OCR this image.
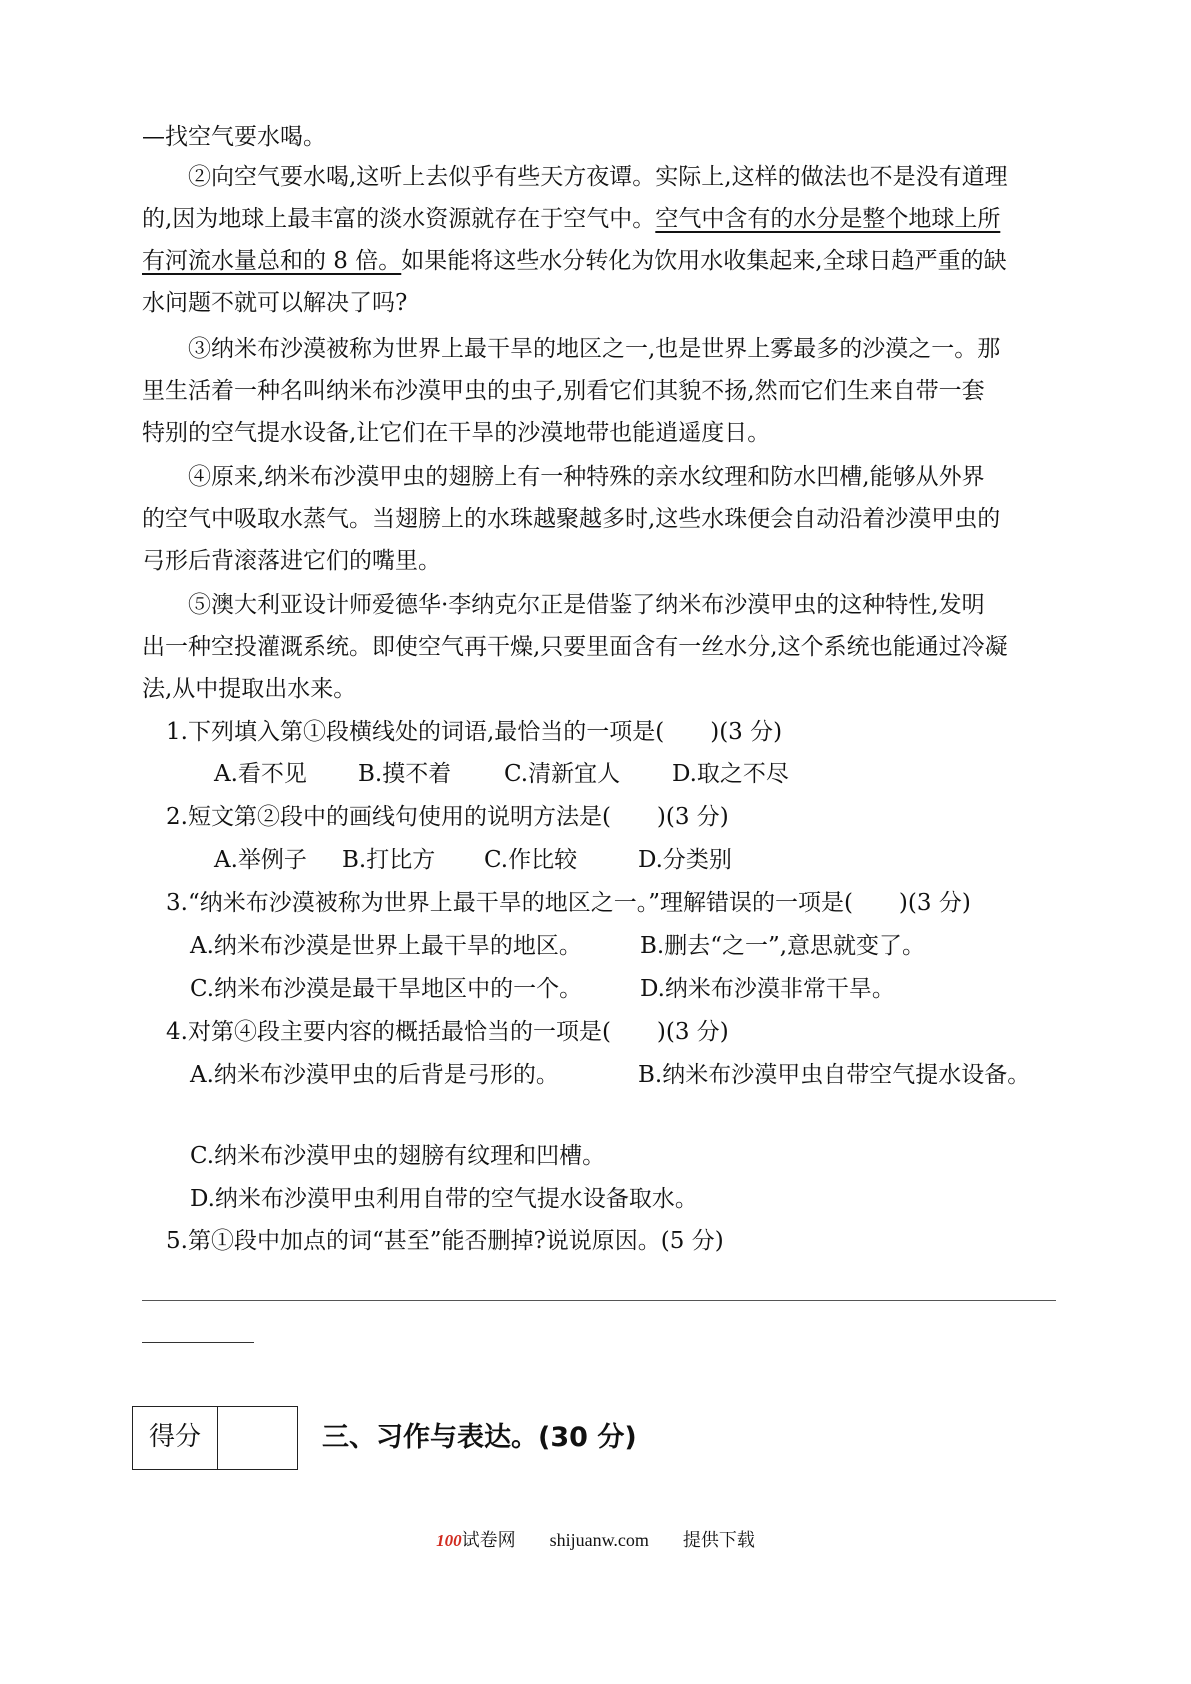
—找空气要水喝。
②向空气要水喝,这听上去似乎有些天方夜谭。实际上,这样的做法也不是没有道理
的,因为地球上最丰富的淡水资源就存在于空气中。空气中含有的水分是整个地球上所
有河流水量总和的 8 倍。如果能将这些水分转化为饮用水收集起来,全球日趋严重的缺
水问题不就可以解决了吗?
③纳米布沙漠被称为世界上最干旱的地区之一,也是世界上雾最多的沙漠之一。那
里生活着一种名叫纳米布沙漠甲虫的虫子,别看它们其貌不扬,然而它们生来自带一套
特别的空气提水设备,让它们在干旱的沙漠地带也能逍遥度日。
④原来,纳米布沙漠甲虫的翅膀上有一种特殊的亲水纹理和防水凹槽,能够从外界
的空气中吸取水蒸气。当翅膀上的水珠越聚越多时,这些水珠便会自动沿着沙漠甲虫的
弓形后背滚落进它们的嘴里。
⑤澳大利亚设计师爱德华·李纳克尔正是借鉴了纳米布沙漠甲虫的这种特性,发明
出一种空投灌溉系统。即使空气再干燥,只要里面含有一丝水分,这个系统也能通过冷凝
法,从中提取出水来。
1.下列填入第①段横线处的词语,最恰当的一项是(　　)(3 分)
A.看不见 B.摸不着 C.清新宜人 D.取之不尽
2.短文第②段中的画线句使用的说明方法是(　　)(3 分)
A.举例子 B.打比方 C.作比较	D.分类别
3.“纳米布沙漠被称为世界上最干旱的地区之一。”理解错误的一项是(　　)(3 分)
A.纳米布沙漠是世界上最干旱的地区。	B.删去“之一”,意思就变了。
C.纳米布沙漠是最干旱地区中的一个。	D.纳米布沙漠非常干旱。
4.对第④段主要内容的概括最恰当的一项是(　　)(3 分)
A.纳米布沙漠甲虫的后背是弓形的。	B.纳米布沙漠甲虫自带空气提水设备。
C.纳米布沙漠甲虫的翅膀有纹理和凹槽。
D.纳米布沙漠甲虫利用自带的空气提水设备取水。
5.第①段中加点的词“甚至”能否删掉?说说原因。(5 分)
得分	三、习作与表达。(30 分)
100试卷网 shijuanw.com 提供下载
